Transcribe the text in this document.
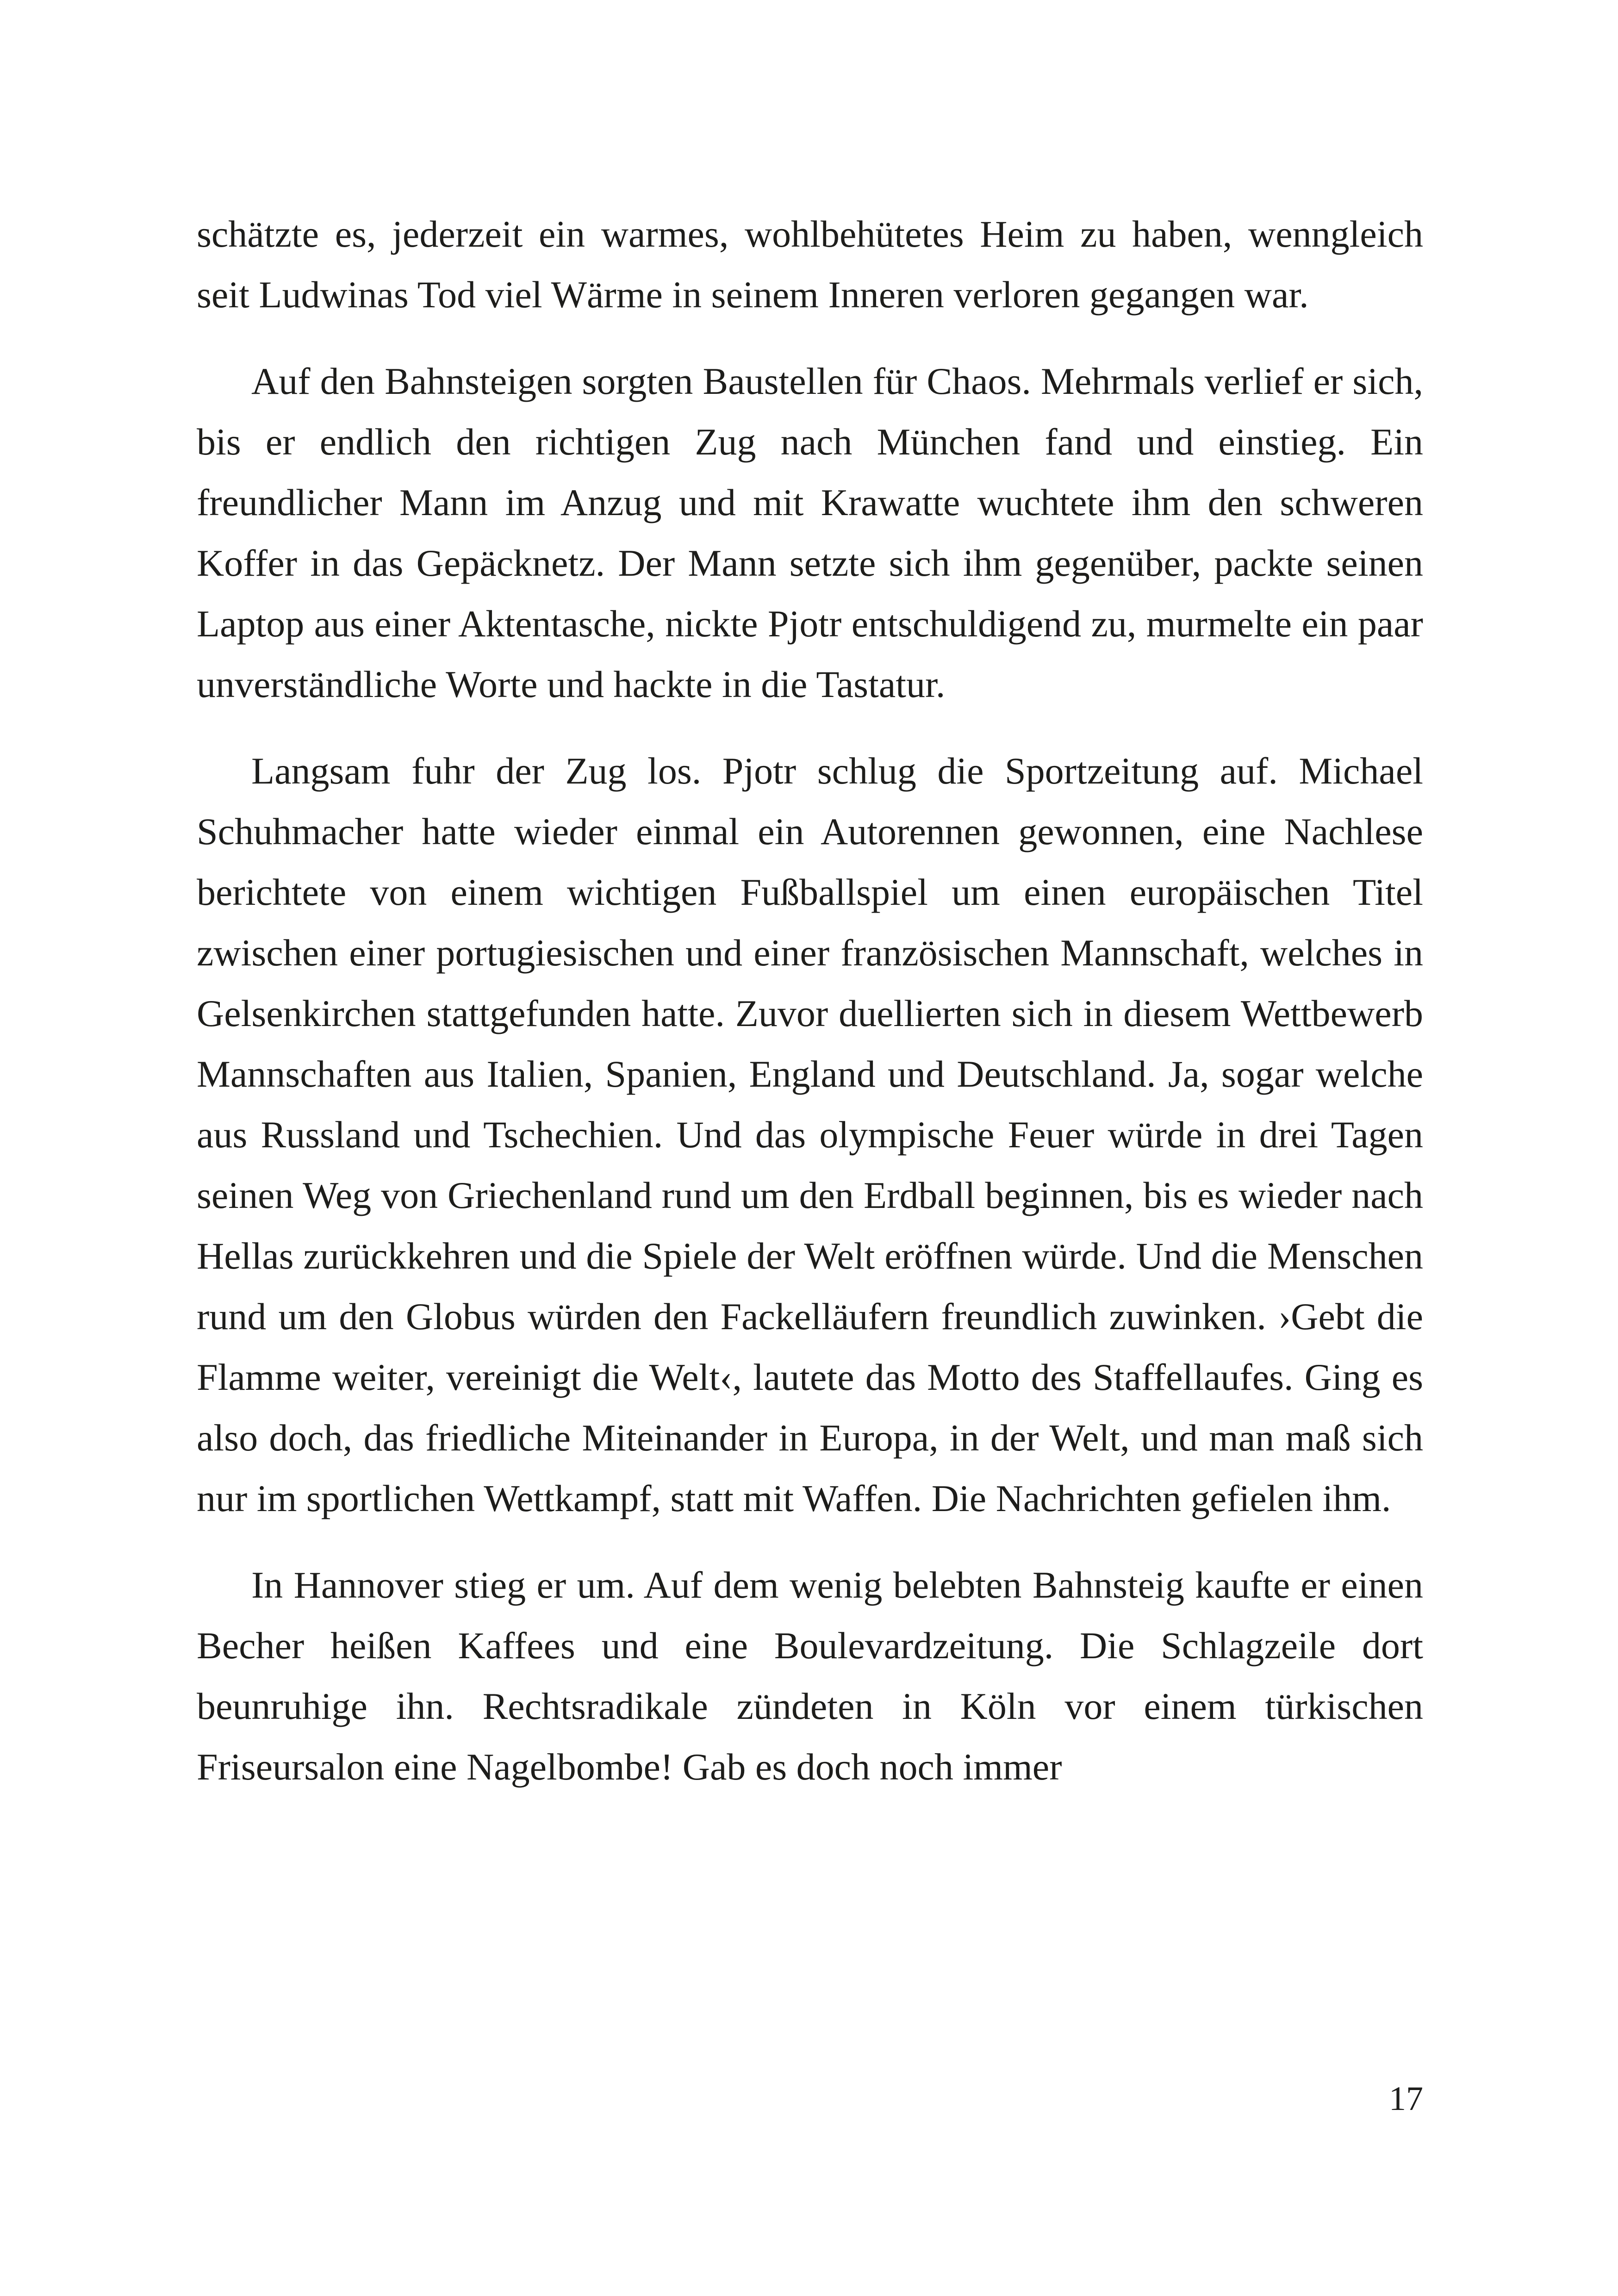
schätzte es, jederzeit ein warmes, wohlbehütetes Heim zu haben, wenngleich seit Ludwinas Tod viel Wärme in seinem Inneren verloren gegangen war.

Auf den Bahnsteigen sorgten Baustellen für Chaos. Mehrmals verlief er sich, bis er endlich den richtigen Zug nach München fand und einstieg. Ein freundlicher Mann im Anzug und mit Krawatte wuchtete ihm den schweren Koffer in das Gepäcknetz. Der Mann setzte sich ihm gegenüber, packte seinen Laptop aus einer Aktentasche, nickte Pjotr entschuldigend zu, murmelte ein paar unverständliche Worte und hackte in die Tastatur.

Langsam fuhr der Zug los. Pjotr schlug die Sportzeitung auf. Michael Schuhmacher hatte wieder einmal ein Autorennen gewonnen, eine Nachlese berichtete von einem wichtigen Fußballspiel um einen europäischen Titel zwischen einer portugiesischen und einer französischen Mannschaft, welches in Gelsenkirchen stattgefunden hatte. Zuvor duellierten sich in diesem Wettbewerb Mannschaften aus Italien, Spanien, England und Deutschland. Ja, sogar welche aus Russland und Tschechien. Und das olympische Feuer würde in drei Tagen seinen Weg von Griechenland rund um den Erdball beginnen, bis es wieder nach Hellas zurückkehren und die Spiele der Welt eröffnen würde. Und die Menschen rund um den Globus würden den Fackelläufern freundlich zuwinken. ›Gebt die Flamme weiter, vereinigt die Welt‹, lautete das Motto des Staffellaufes. Ging es also doch, das friedliche Miteinander in Europa, in der Welt, und man maß sich nur im sportlichen Wettkampf, statt mit Waffen. Die Nachrichten gefielen ihm.

In Hannover stieg er um. Auf dem wenig belebten Bahnsteig kaufte er einen Becher heißen Kaffees und eine Boulevardzeitung. Die Schlagzeile dort beunruhige ihn. Rechtsradikale zündeten in Köln vor einem türkischen Friseursalon eine Nagelbombe! Gab es doch noch immer

17
